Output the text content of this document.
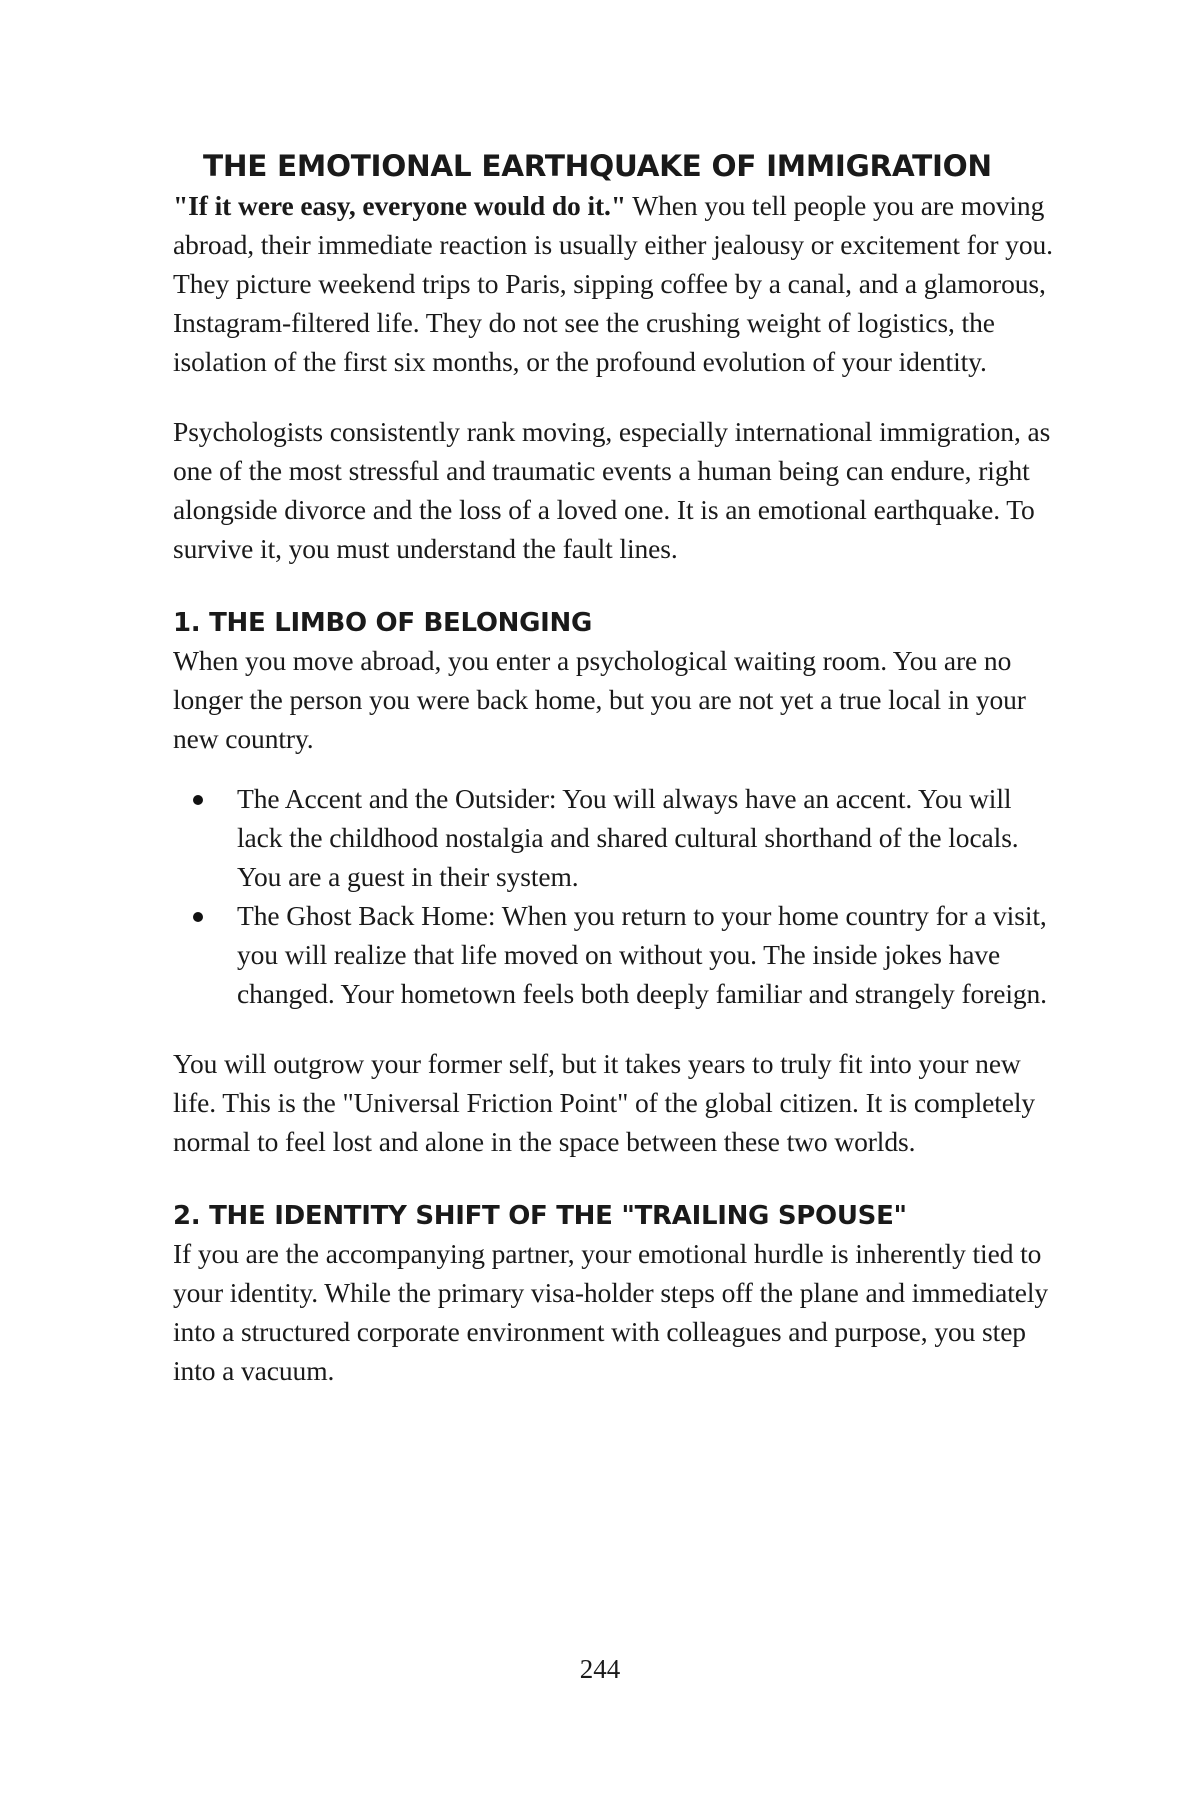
THE EMOTIONAL EARTHQUAKE OF IMMIGRATION

"If it were easy, everyone would do it." When you tell people you are moving abroad, their immediate reaction is usually either jealousy or excitement for you. They picture weekend trips to Paris, sipping coffee by a canal, and a glamorous, Instagram-filtered life. They do not see the crushing weight of logistics, the isolation of the first six months, or the profound evolution of your identity.

Psychologists consistently rank moving, especially international immigration, as one of the most stressful and traumatic events a human being can endure, right alongside divorce and the loss of a loved one. It is an emotional earthquake. To survive it, you must understand the fault lines.

1. THE LIMBO OF BELONGING

When you move abroad, you enter a psychological waiting room. You are no longer the person you were back home, but you are not yet a true local in your new country.

The Accent and the Outsider: You will always have an accent. You will lack the childhood nostalgia and shared cultural shorthand of the locals. You are a guest in their system.
The Ghost Back Home: When you return to your home country for a visit, you will realize that life moved on without you. The inside jokes have changed. Your hometown feels both deeply familiar and strangely foreign.

You will outgrow your former self, but it takes years to truly fit into your new life. This is the "Universal Friction Point" of the global citizen. It is completely normal to feel lost and alone in the space between these two worlds.

2. THE IDENTITY SHIFT OF THE "TRAILING SPOUSE"

If you are the accompanying partner, your emotional hurdle is inherently tied to your identity. While the primary visa-holder steps off the plane and immediately into a structured corporate environment with colleagues and purpose, you step into a vacuum.

244
